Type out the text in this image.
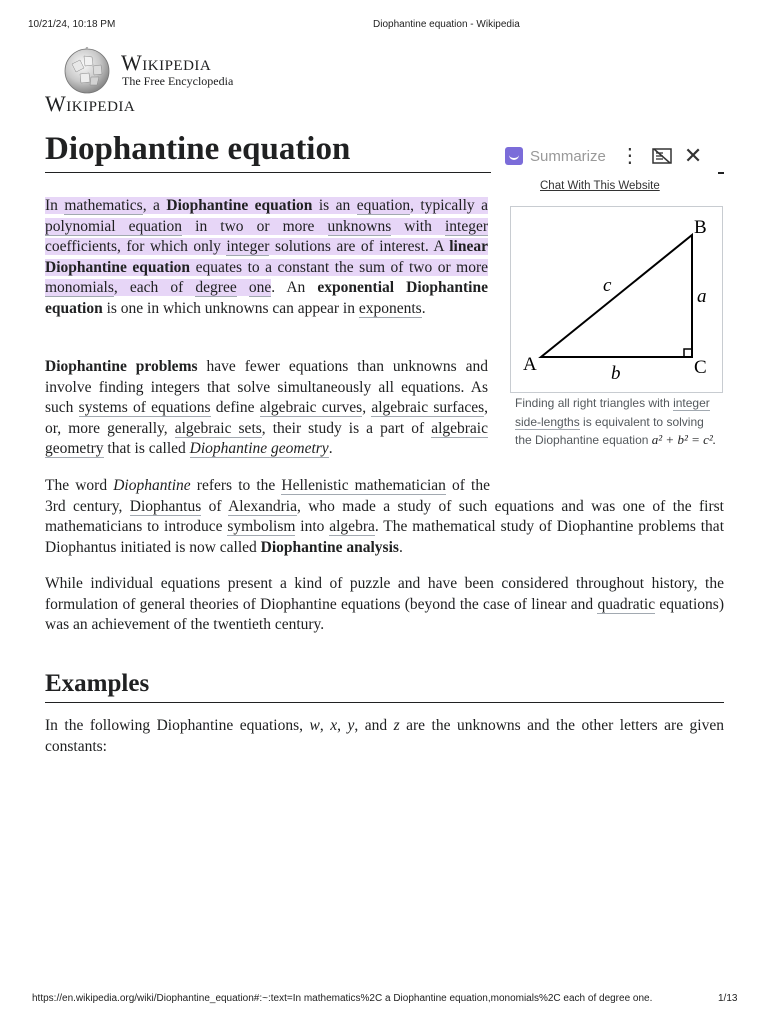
10/21/24, 10:18 PM	Diophantine equation - Wikipedia
Wikipedia
The Free Encyclopedia
Wikipedia
Diophantine equation	Summarize ⋮ ✕
Chat With This Website

In mathematics, a Diophantine equation is an equation, typically a polynomial equation in two or more unknowns with integer coefficients, for which only integer solutions are of interest. A linear Diophantine equation equates to a constant the sum of two or more monomials, each of degree one. An exponential Diophantine equation is one in which unknowns can appear in exponents.

Diophantine problems have fewer equations than unknowns and involve finding integers that solve simultaneously all equations. As such systems of equations define algebraic curves, algebraic surfaces, or, more generally, algebraic sets, their study is a part of algebraic geometry that is called Diophantine geometry.

The word Diophantine refers to the Hellenistic mathematician of the 3rd century, Diophantus of Alexandria, who made a study of such equations and was one of the first mathematicians to introduce symbolism into algebra. The mathematical study of Diophantine problems that Diophantus initiated is now called Diophantine analysis.

While individual equations present a kind of puzzle and have been considered throughout history, the formulation of general theories of Diophantine equations (beyond the case of linear and quadratic equations) was an achievement of the twentieth century.

Examples

In the following Diophantine equations, w, x, y, and z are the unknowns and the other letters are given constants:

A
B
C
a
b
c

Finding all right triangles with integer side-lengths is equivalent to solving the Diophantine equation a² + b² = c².

https://en.wikipedia.org/wiki/Diophantine_equation#:~:text=In mathematics%2C a Diophantine equation,monomials%2C each of degree one.	1/13
